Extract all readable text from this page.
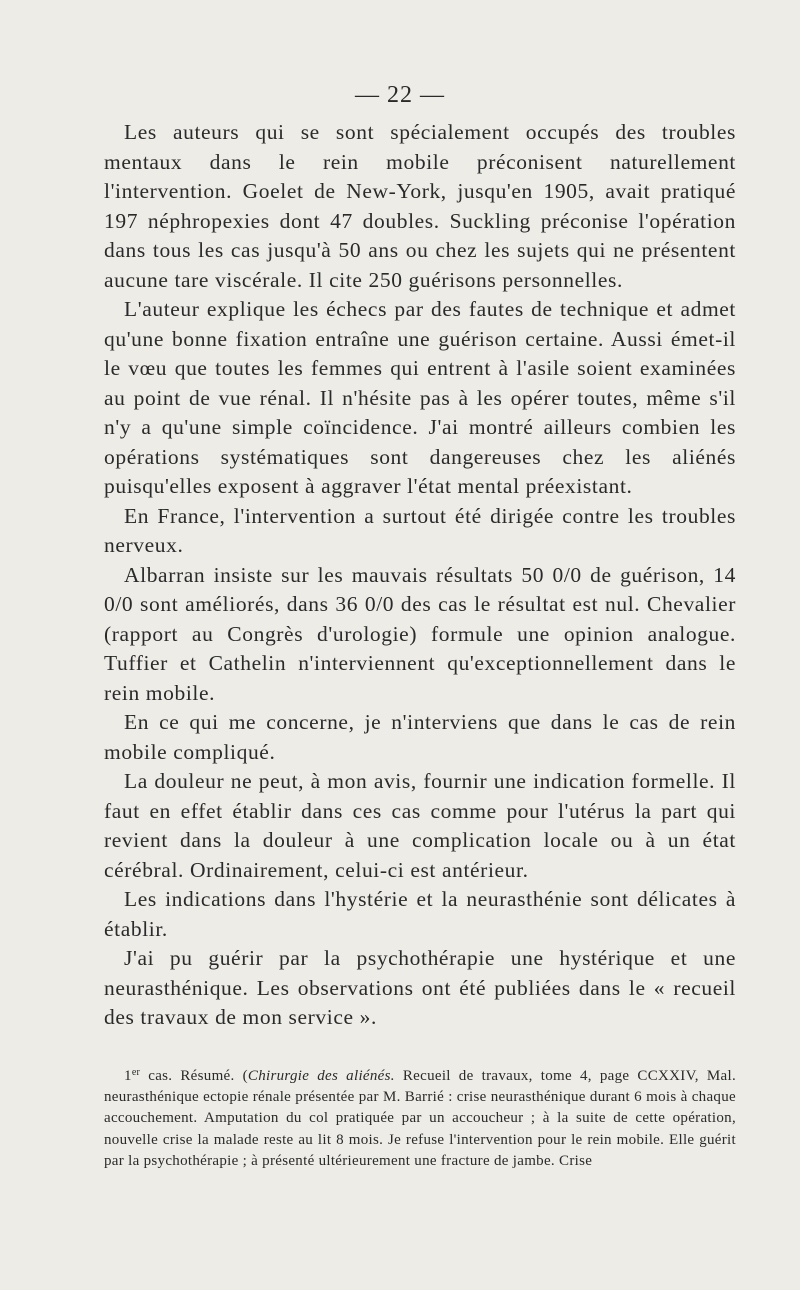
— 22 —

Les auteurs qui se sont spécialement occupés des troubles mentaux dans le rein mobile préconisent naturellement l'intervention. Goelet de New-York, jusqu'en 1905, avait pratiqué 197 néphropexies dont 47 doubles. Suckling préconise l'opération dans tous les cas jusqu'à 50 ans ou chez les sujets qui ne présentent aucune tare viscérale. Il cite 250 guérisons personnelles.

L'auteur explique les échecs par des fautes de technique et admet qu'une bonne fixation entraîne une guérison certaine. Aussi émet-il le vœu que toutes les femmes qui entrent à l'asile soient examinées au point de vue rénal. Il n'hésite pas à les opérer toutes, même s'il n'y a qu'une simple coïncidence. J'ai montré ailleurs combien les opérations systématiques sont dangereuses chez les aliénés puisqu'elles exposent à aggraver l'état mental préexistant.

En France, l'intervention a surtout été dirigée contre les troubles nerveux.

Albarran insiste sur les mauvais résultats 50 0/0 de guérison, 14 0/0 sont améliorés, dans 36 0/0 des cas le résultat est nul. Chevalier (rapport au Congrès d'urologie) formule une opinion analogue. Tuffier et Cathelin n'interviennent qu'exceptionnellement dans le rein mobile.

En ce qui me concerne, je n'interviens que dans le cas de rein mobile compliqué.

La douleur ne peut, à mon avis, fournir une indication formelle. Il faut en effet établir dans ces cas comme pour l'utérus la part qui revient dans la douleur à une complication locale ou à un état cérébral. Ordinairement, celui-ci est antérieur.

Les indications dans l'hystérie et la neurasthénie sont délicates à établir.

J'ai pu guérir par la psychothérapie une hystérique et une neurasthénique. Les observations ont été publiées dans le « recueil des travaux de mon service ».

1er cas. Résumé. (Chirurgie des aliénés. Recueil de travaux, tome 4, page CCXXIV, Mal. neurasthénique ectopie rénale présentée par M. Barrié : crise neurasthénique durant 6 mois à chaque accouchement. Amputation du col pratiquée par un accoucheur ; à la suite de cette opération, nouvelle crise la malade reste au lit 8 mois. Je refuse l'intervention pour le rein mobile. Elle guérit par la psychothérapie ; à présenté ultérieurement une fracture de jambe. Crise
